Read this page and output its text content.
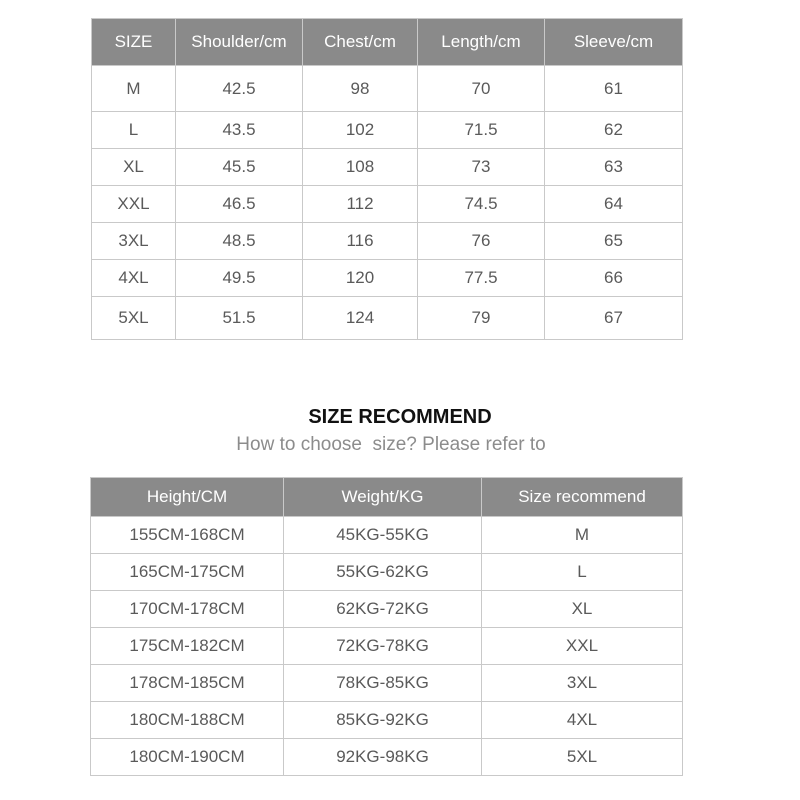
SIZE	Shoulder/cm	Chest/cm	Length/cm	Sleeve/cm
M	42.5	98	70	61
L	43.5	102	71.5	62
XL	45.5	108	73	63
XXL	46.5	112	74.5	64
3XL	48.5	116	76	65
4XL	49.5	120	77.5	66
5XL	51.5	124	79	67
SIZE RECOMMEND
How to choose  size? Please refer to
Height/CM	Weight/KG	Size recommend
155CM-168CM	45KG-55KG	M
165CM-175CM	55KG-62KG	L
170CM-178CM	62KG-72KG	XL
175CM-182CM	72KG-78KG	XXL
178CM-185CM	78KG-85KG	3XL
180CM-188CM	85KG-92KG	4XL
180CM-190CM	92KG-98KG	5XL
